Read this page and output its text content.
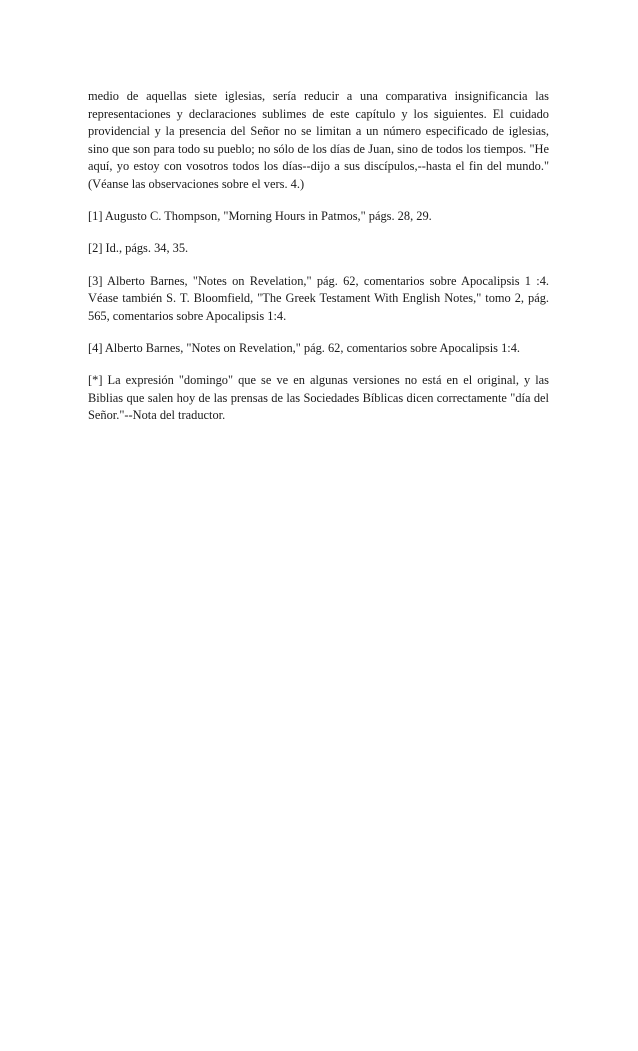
medio de aquellas siete iglesias, sería reducir a una comparativa insignificancia las representaciones y declaraciones sublimes de este capítulo y los siguientes. El cuidado providencial y la presencia del Señor no se limitan a un número especificado de iglesias, sino que son para todo su pueblo; no sólo de los días de Juan, sino de todos los tiempos. "He aquí, yo estoy con vosotros todos los días--dijo a sus discípulos,--hasta el fin del mundo." (Véanse las observaciones sobre el vers. 4.)

[1] Augusto C. Thompson, "Morning Hours in Patmos," págs. 28, 29.

[2] Id., págs. 34, 35.

[3] Alberto Barnes, "Notes on Revelation," pág. 62, comentarios sobre Apocalipsis 1 :4. Véase también S. T. Bloomfield, "The Greek Testament With English Notes," tomo 2, pág. 565, comentarios sobre Apocalipsis 1:4.

[4] Alberto Barnes, "Notes on Revelation," pág. 62, comentarios sobre Apocalipsis 1:4.

[*] La expresión "domingo" que se ve en algunas versiones no está en el original, y las Biblias que salen hoy de las prensas de las Sociedades Bíblicas dicen correctamente "día del Señor."--Nota del traductor.
